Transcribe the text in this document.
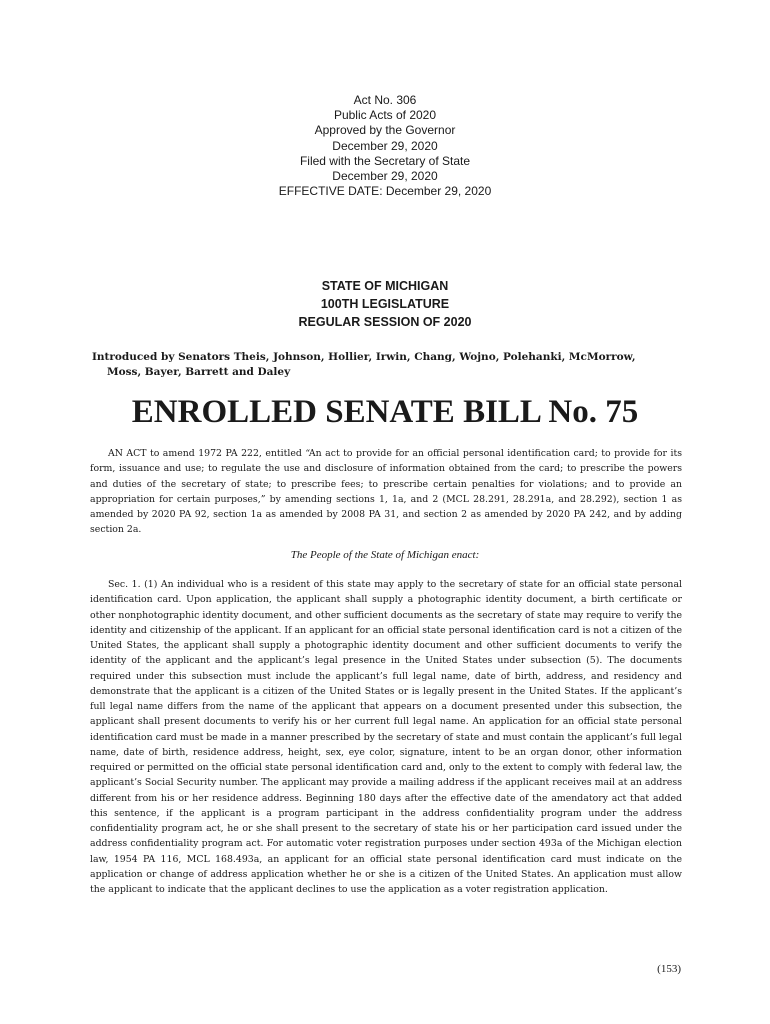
Act No. 306
Public Acts of 2020
Approved by the Governor
December 29, 2020
Filed with the Secretary of State
December 29, 2020
EFFECTIVE DATE: December 29, 2020
STATE OF MICHIGAN
100TH LEGISLATURE
REGULAR SESSION OF 2020
Introduced by Senators Theis, Johnson, Hollier, Irwin, Chang, Wojno, Polehanki, McMorrow,
Moss, Bayer, Barrett and Daley
ENROLLED SENATE BILL No. 75

AN ACT to amend 1972 PA 222, entitled “An act to provide for an official personal identification card; to provide for its form, issuance and use; to regulate the use and disclosure of information obtained from the card; to prescribe the powers and duties of the secretary of state; to prescribe fees; to prescribe certain penalties for violations; and to provide an appropriation for certain purposes,” by amending sections 1, 1a, and 2 (MCL 28.291, 28.291a, and 28.292), section 1 as amended by 2020 PA 92, section 1a as amended by 2008 PA 31, and section 2 as amended by 2020 PA 242, and by adding section 2a.

The People of the State of Michigan enact:

Sec. 1. (1) An individual who is a resident of this state may apply to the secretary of state for an official state personal identification card. Upon application, the applicant shall supply a photographic identity document, a birth certificate or other nonphotographic identity document, and other sufficient documents as the secretary of state may require to verify the identity and citizenship of the applicant. If an applicant for an official state personal identification card is not a citizen of the United States, the applicant shall supply a photographic identity document and other sufficient documents to verify the identity of the applicant and the applicant’s legal presence in the United States under subsection (5). The documents required under this subsection must include the applicant’s full legal name, date of birth, address, and residency and demonstrate that the applicant is a citizen of the United States or is legally present in the United States. If the applicant’s full legal name differs from the name of the applicant that appears on a document presented under this subsection, the applicant shall present documents to verify his or her current full legal name. An application for an official state personal identification card must be made in a manner prescribed by the secretary of state and must contain the applicant’s full legal name, date of birth, residence address, height, sex, eye color, signature, intent to be an organ donor, other information required or permitted on the official state personal identification card and, only to the extent to comply with federal law, the applicant’s Social Security number. The applicant may provide a mailing address if the applicant receives mail at an address different from his or her residence address. Beginning 180 days after the effective date of the amendatory act that added this sentence, if the applicant is a program participant in the address confidentiality program under the address confidentiality program act, he or she shall present to the secretary of state his or her participation card issued under the address confidentiality program act. For automatic voter registration purposes under section 493a of the Michigan election law, 1954 PA 116, MCL 168.493a, an applicant for an official state personal identification card must indicate on the application or change of address application whether he or she is a citizen of the United States. An application must allow the applicant to indicate that the applicant declines to use the application as a voter registration application.

(153)
